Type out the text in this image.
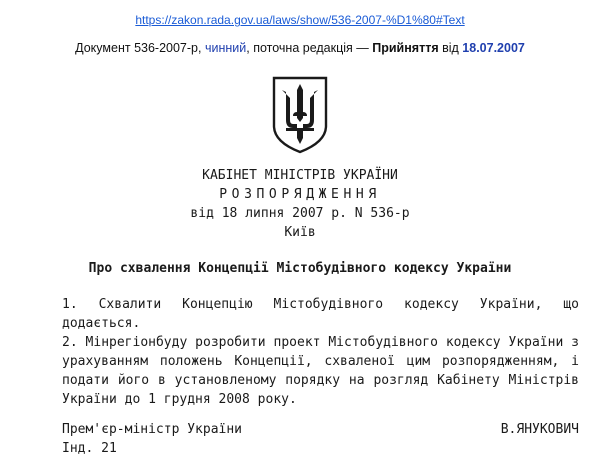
https://zakon.rada.gov.ua/laws/show/536-2007-%D1%80#Text
Документ 536-2007-р, чинний, поточна редакція — Прийняття від 18.07.2007
КАБІНЕТ МІНІСТРІВ УКРАЇНИ
РОЗПОРЯДЖЕННЯ
від 18 липня 2007 р. N 536-р
Київ
Про схвалення Концепції Містобудівного кодексу України
1. Схвалити Концепцію Містобудівного кодексу України, що додається.
2. Мінрегіонбуду розробити проект Містобудівного кодексу України з урахуванням положень Концепції, схваленої цим розпорядженням, і подати його в установленому порядку на розгляд Кабінету Міністрів України до 1 грудня 2008 року.
Прем'єр-міністр України	В.ЯНУКОВИЧ
Інд. 21
